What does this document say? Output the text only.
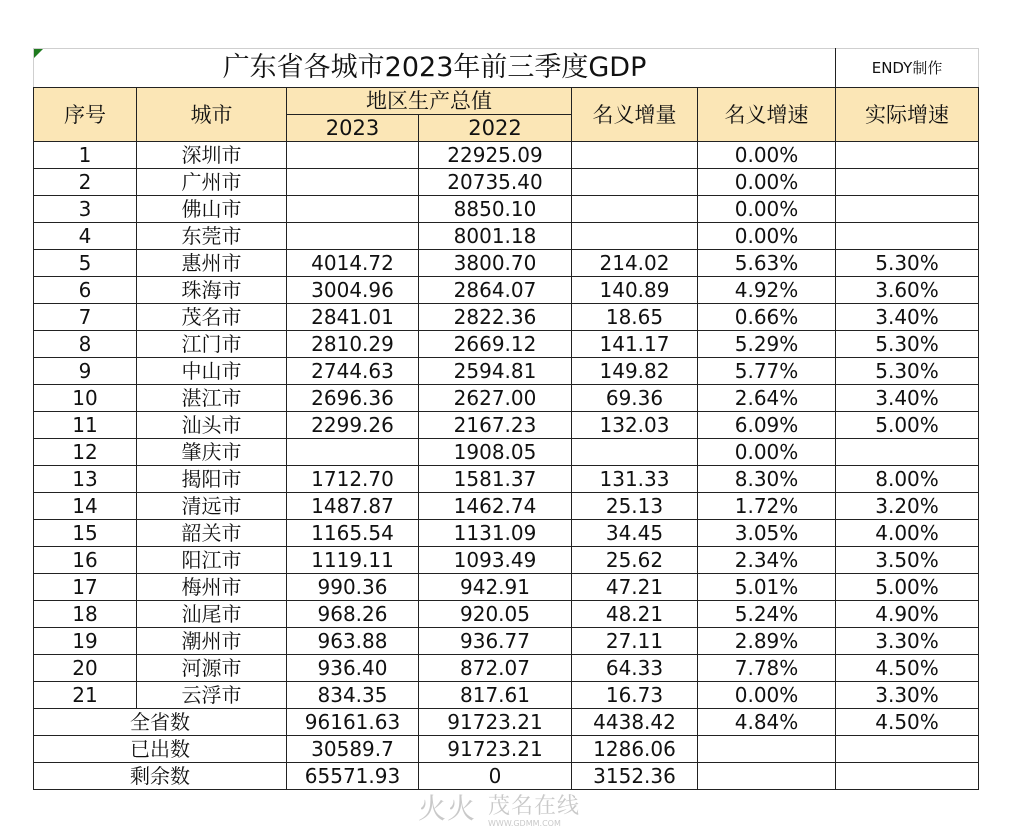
广东省各城市2023年前三季度GDP						ENDY制作
序号	城市	地区生产总值		名义增量	名义增速	实际增速
		2023	2022			
1	深圳市		22925.09		0.00%	
2	广州市		20735.40		0.00%	
3	佛山市		8850.10		0.00%	
4	东莞市		8001.18		0.00%	
5	惠州市	4014.72	3800.70	214.02	5.63%	5.30%
6	珠海市	3004.96	2864.07	140.89	4.92%	3.60%
7	茂名市	2841.01	2822.36	18.65	0.66%	3.40%
8	江门市	2810.29	2669.12	141.17	5.29%	5.30%
9	中山市	2744.63	2594.81	149.82	5.77%	5.30%
10	湛江市	2696.36	2627.00	69.36	2.64%	3.40%
11	汕头市	2299.26	2167.23	132.03	6.09%	5.00%
12	肇庆市		1908.05		0.00%	
13	揭阳市	1712.70	1581.37	131.33	8.30%	8.00%
14	清远市	1487.87	1462.74	25.13	1.72%	3.20%
15	韶关市	1165.54	1131.09	34.45	3.05%	4.00%
16	阳江市	1119.11	1093.49	25.62	2.34%	3.50%
17	梅州市	990.36	942.91	47.21	5.01%	5.00%
18	汕尾市	968.26	920.05	48.21	5.24%	4.90%
19	潮州市	963.88	936.77	27.11	2.89%	3.30%
20	河源市	936.40	872.07	64.33	7.78%	4.50%
21	云浮市	834.35	817.61	16.73	0.00%	3.30%
全省数		96161.63	91723.21	4438.42	4.84%	4.50%
已出数		30589.7	91723.21	1286.06		
剩余数		65571.93	0	3152.36		
火火 茂名在线
WWW.GDMM.COM
